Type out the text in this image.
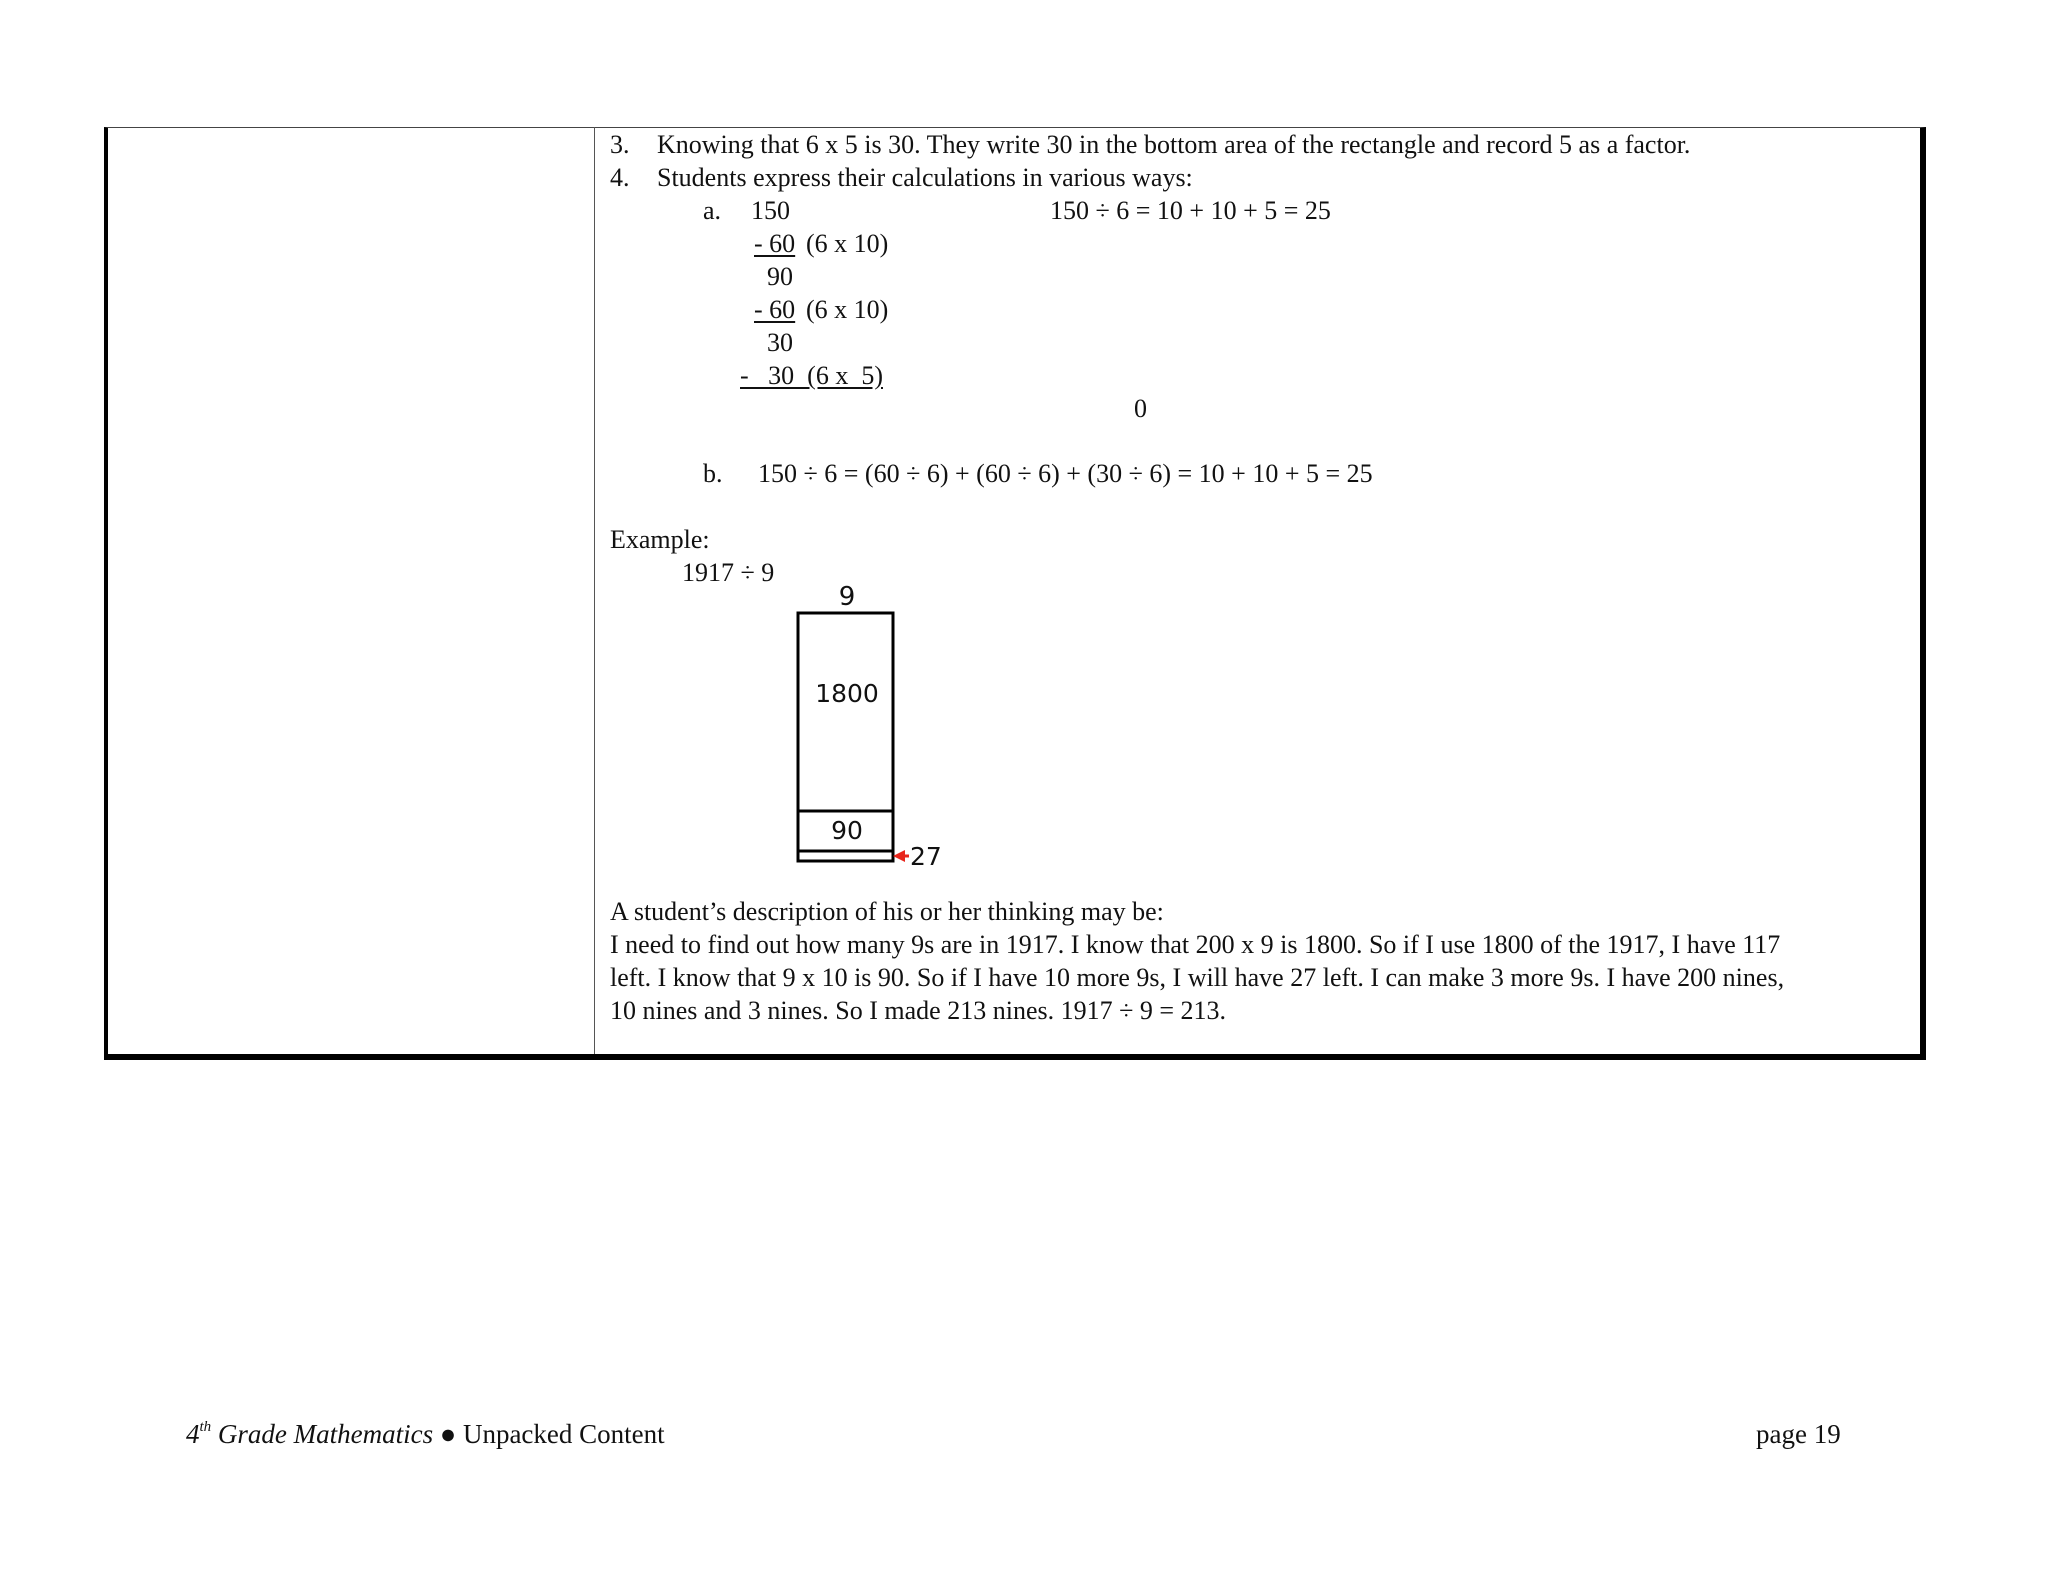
3. Knowing that 6 x 5 is 30. They write 30 in the bottom area of the rectangle and record 5 as a factor.
4. Students express their calculations in various ways:
a. 150	150 ÷ 6 = 10 + 10 + 5 = 25
- 60 (6 x 10)
90
- 60 (6 x 10)
30
-   30  (6 x  5)
0
b. 150 ÷ 6 = (60 ÷ 6) + (60 ÷ 6) + (30 ÷ 6) = 10 + 10 + 5 = 25
Example:
1917 ÷ 9
9
1800
90
27
A student’s description of his or her thinking may be:
I need to find out how many 9s are in 1917. I know that 200 x 9 is 1800. So if I use 1800 of the 1917, I have 117
left. I know that 9 x 10 is 90. So if I have 10 more 9s, I will have 27 left. I can make 3 more 9s. I have 200 nines,
10 nines and 3 nines. So I made 213 nines. 1917 ÷ 9 = 213.
4th Grade Mathematics ● Unpacked Content	page 19
